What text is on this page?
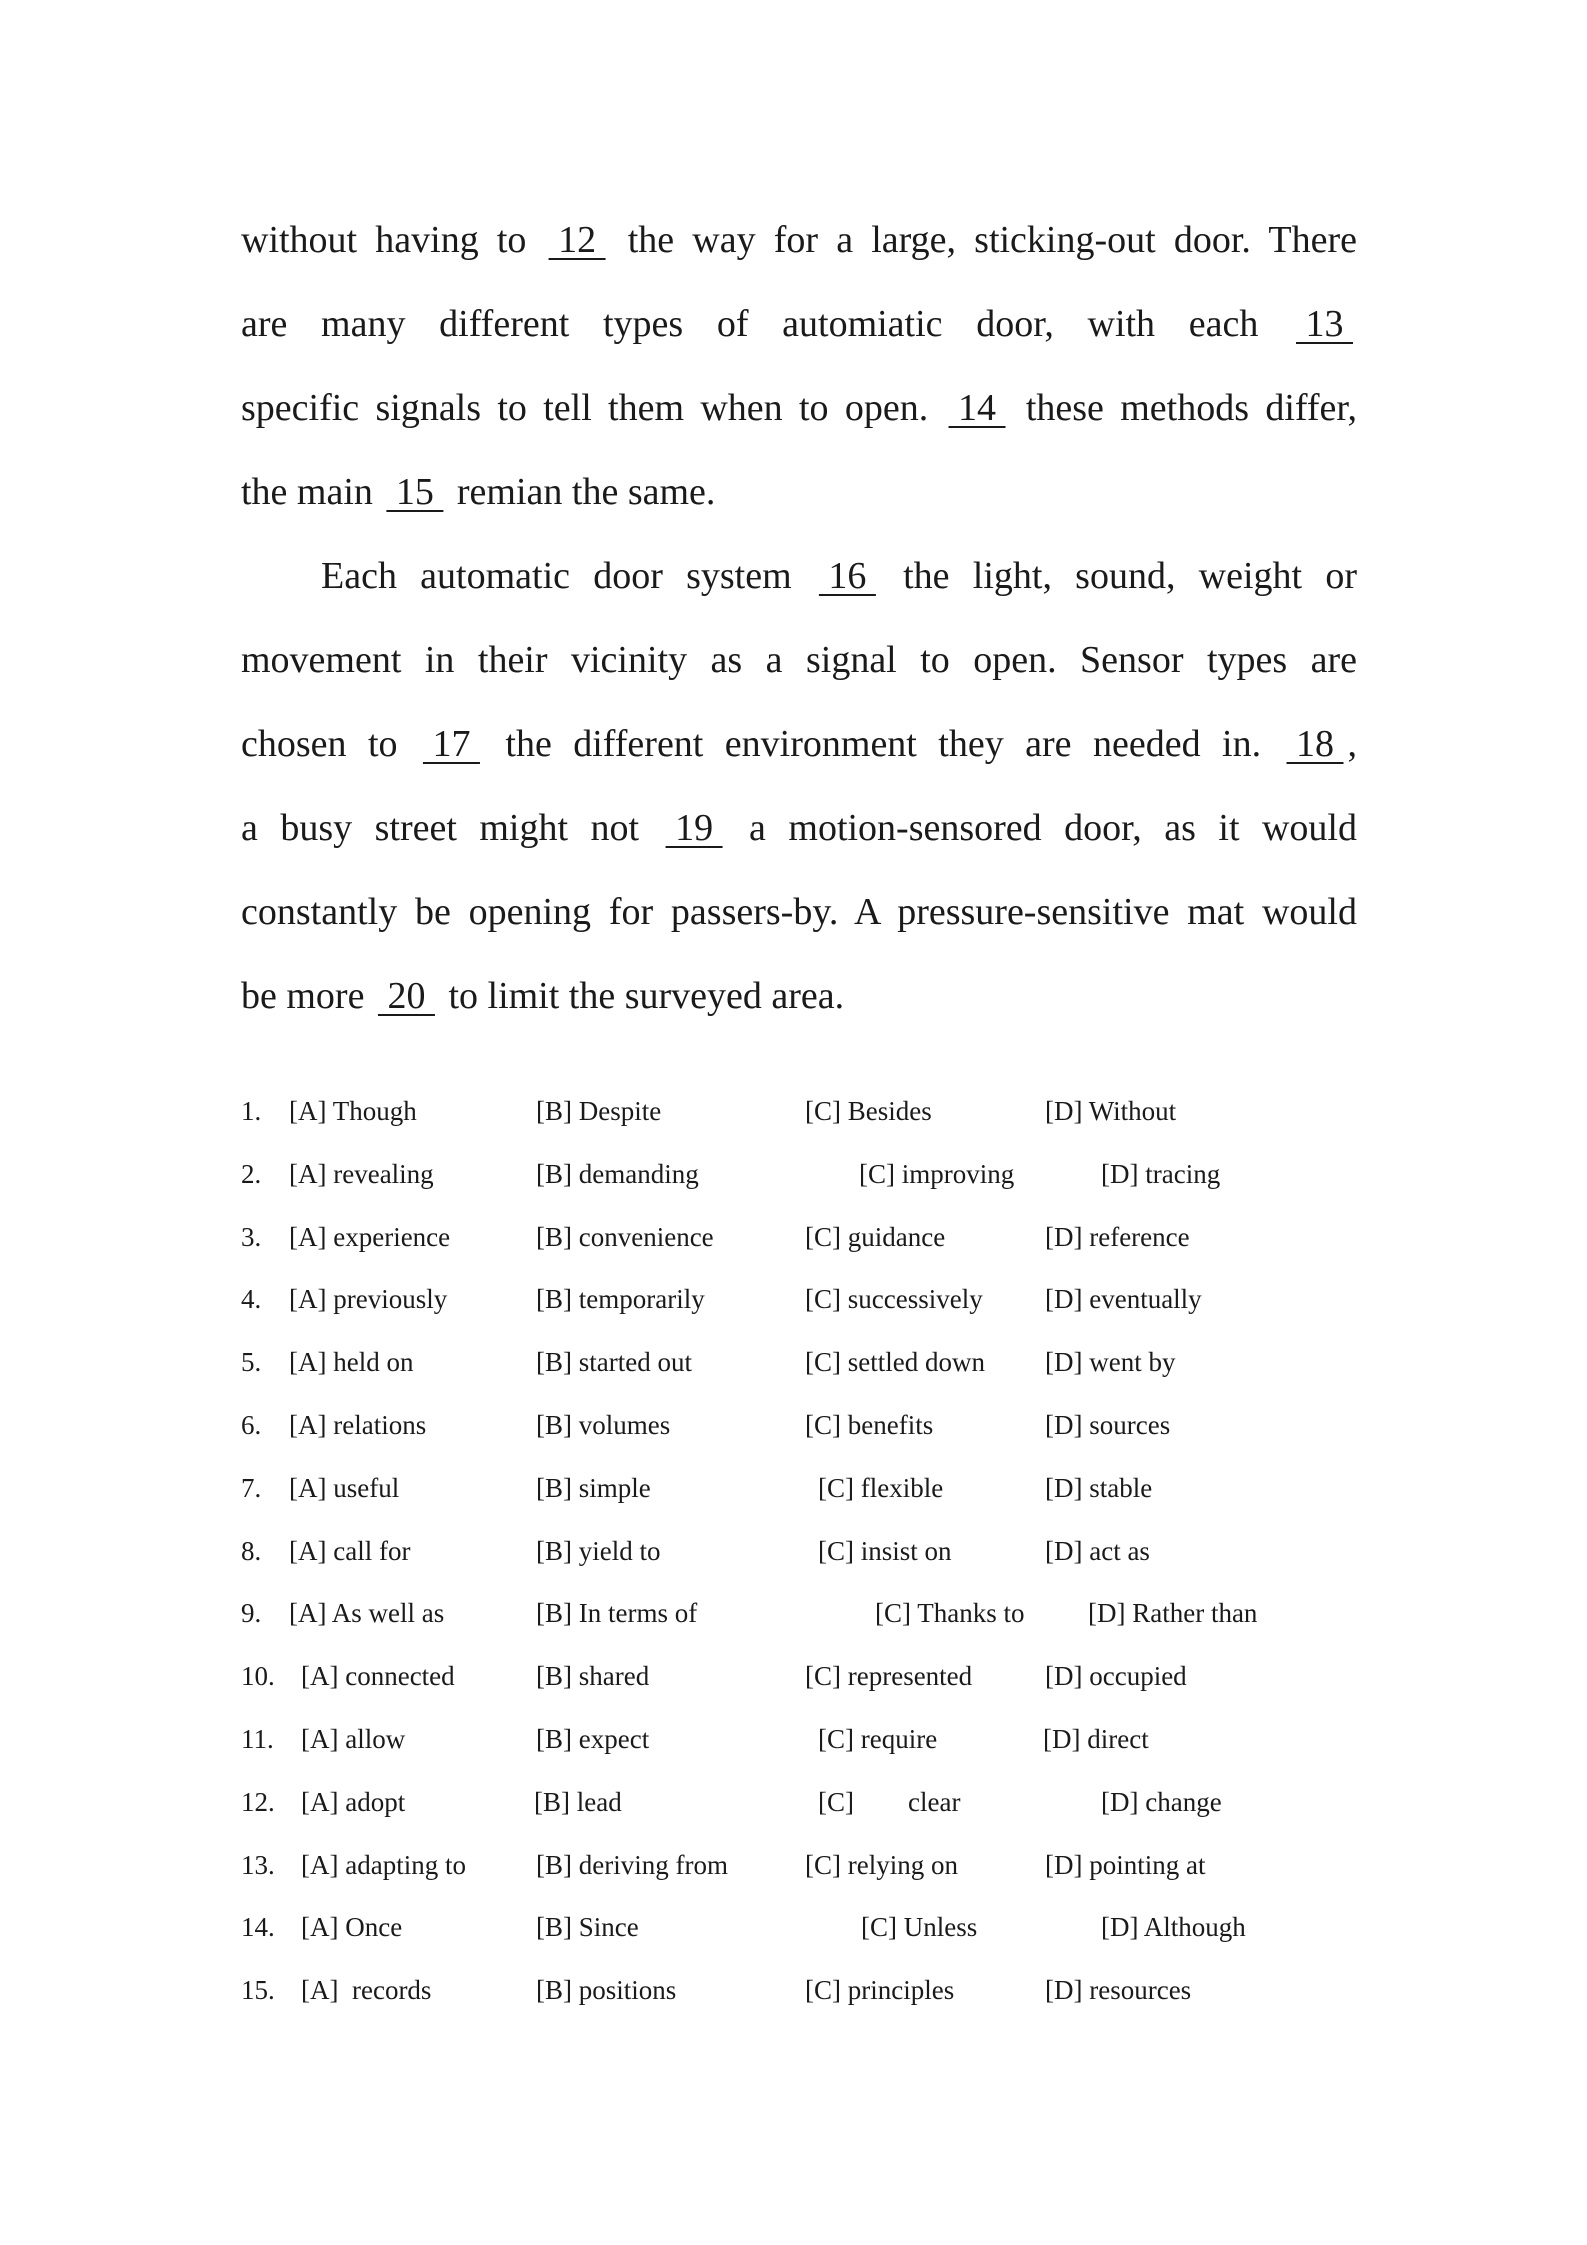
without having to  12  the way for a large, sticking-out door. There
are many different types of automiatic door, with each  13
specific signals to tell them when to open.  14  these methods differ,
the main  15  remian the same.
Each automatic door system  16  the light, sound, weight or
movement in their vicinity as a signal to open. Sensor types are
chosen to  17  the different environment they are needed in.  18 ,
a busy street might not  19  a motion-sensored door, as it would
constantly be opening for passers-by. A pressure-sensitive mat would
be more  20  to limit the surveyed area.
1. [A] Though	[B] Despite	[C] Besides	[D] Without
2. [A] revealing	[B] demanding	[C] improving	[D] tracing
3. [A] experience	[B] convenience	[C] guidance	[D] reference
4. [A] previously	[B] temporarily	[C] successively [D] eventually
5. [A] held on	[B] started out	[C] settled down [D] went by
6. [A] relations	[B] volumes	[C] benefits	[D] sources
7. [A] useful	[B] simple	[C] flexible	[D] stable
8. [A] call for	[B] yield to	[C] insist on	[D] act as
9. [A] As well as	[B] In terms of	[C] Thanks to [D] Rather than
10. [A] connected	[B] shared	[C] represented	[D] occupied
11. [A] allow	[B] expect	[C] require	[D] direct
12. [A] adopt	[B] lead	[C]        clear	[D] change
13. [A] adapting to	[B] deriving from	[C] relying on	[D] pointing at
14. [A] Once	[B] Since	[C] Unless	[D] Although
15. [A]  records	[B] positions	[C] principles	[D] resources
